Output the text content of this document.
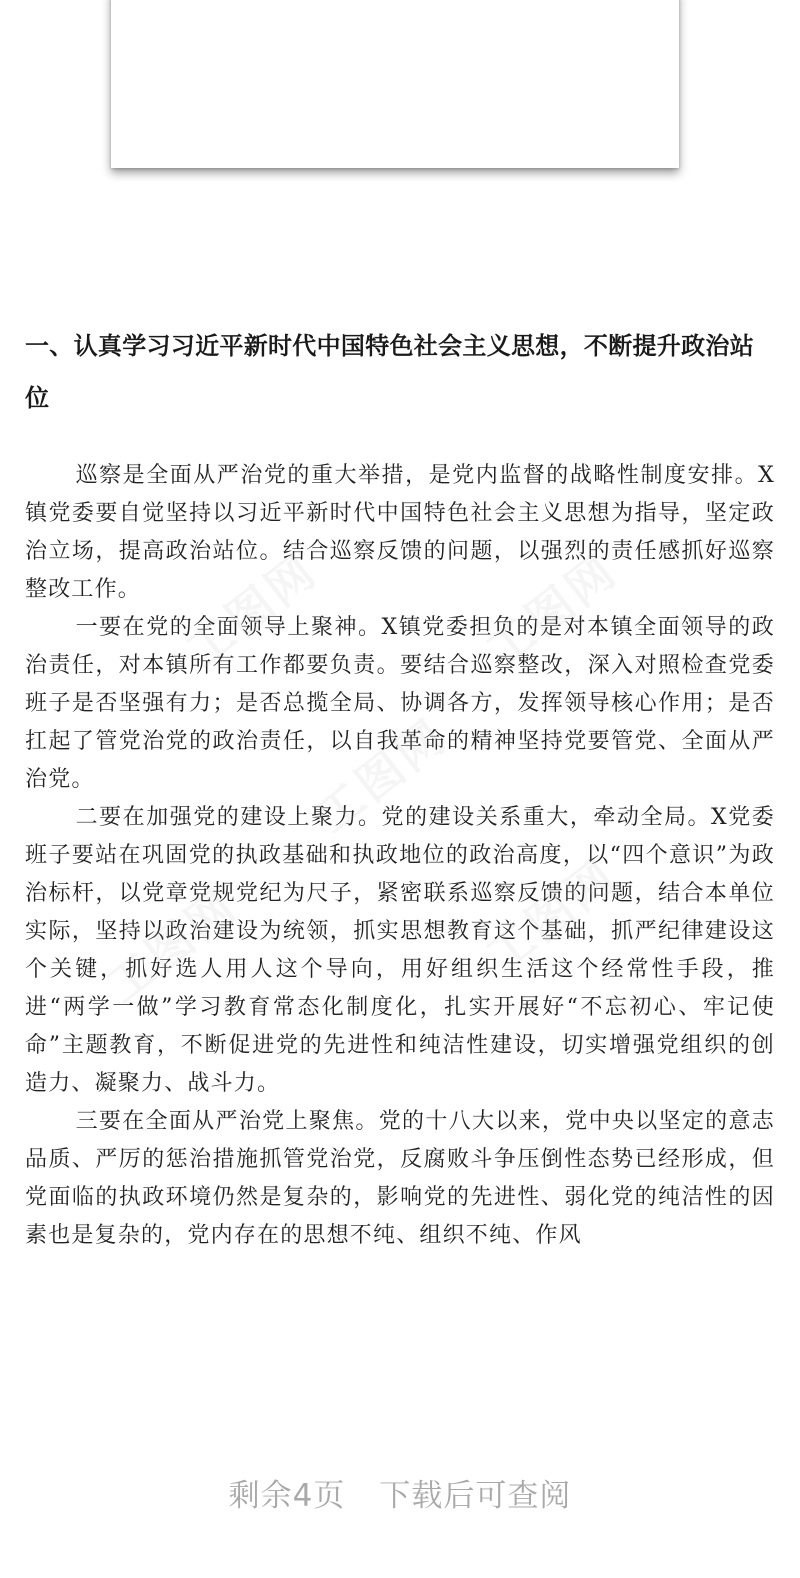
一、认真学习习近平新时代中国特色社会主义思想，不断提升政治站位

巡察是全面从严治党的重大举措，是党内监督的战略性制度安排。X镇党委要自觉坚持以习近平新时代中国特色社会主义思想为指导，坚定政治立场，提高政治站位。结合巡察反馈的问题，以强烈的责任感抓好巡察整改工作。

一要在党的全面领导上聚神。X镇党委担负的是对本镇全面领导的政治责任，对本镇所有工作都要负责。要结合巡察整改，深入对照检查党委班子是否坚强有力；是否总揽全局、协调各方，发挥领导核心作用；是否扛起了管党治党的政治责任，以自我革命的精神坚持党要管党、全面从严治党。

二要在加强党的建设上聚力。党的建设关系重大，牵动全局。X党委班子要站在巩固党的执政基础和执政地位的政治高度，以“四个意识”为政治标杆，以党章党规党纪为尺子，紧密联系巡察反馈的问题，结合本单位实际，坚持以政治建设为统领，抓实思想教育这个基础，抓严纪律建设这个关键，抓好选人用人这个导向，用好组织生活这个经常性手段，推进“两学一做”学习教育常态化制度化，扎实开展好“不忘初心、牢记使命”主题教育，不断促进党的先进性和纯洁性建设，切实增强党组织的创造力、凝聚力、战斗力。

三要在全面从严治党上聚焦。党的十八大以来，党中央以坚定的意志品质、严厉的惩治措施抓管党治党，反腐败斗争压倒性态势已经形成，但党面临的执政环境仍然是复杂的，影响党的先进性、弱化党的纯洁性的因素也是复杂的，党内存在的思想不纯、组织不纯、作风

工图网	工图网
工图网
工图网	工图网
剩余4页 下载后可查阅
